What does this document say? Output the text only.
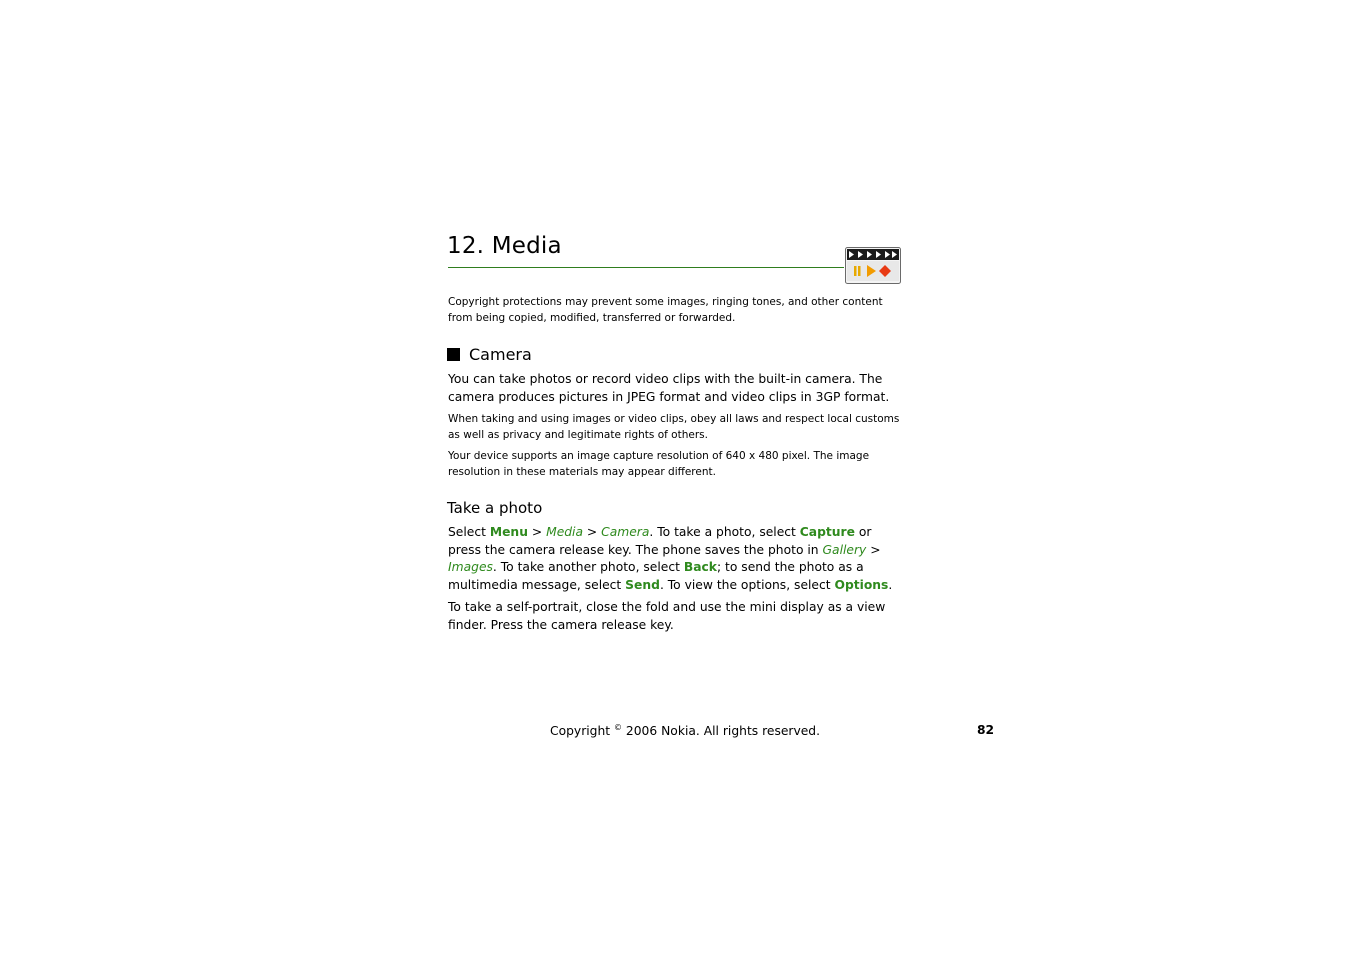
12. Media
Copyright protections may prevent some images, ringing tones, and other content from being copied, modified, transferred or forwarded.
Camera
You can take photos or record video clips with the built-in camera. The camera produces pictures in JPEG format and video clips in 3GP format.
When taking and using images or video clips, obey all laws and respect local customs as well as privacy and legitimate rights of others.
Your device supports an image capture resolution of 640 x 480 pixel. The image resolution in these materials may appear different.
Take a photo
Select Menu > Media > Camera. To take a photo, select Capture or press the camera release key. The phone saves the photo in Gallery > Images. To take another photo, select Back; to send the photo as a multimedia message, select Send. To view the options, select Options.
To take a self-portrait, close the fold and use the mini display as a view finder. Press the camera release key.
Copyright © 2006 Nokia. All rights reserved.	82
